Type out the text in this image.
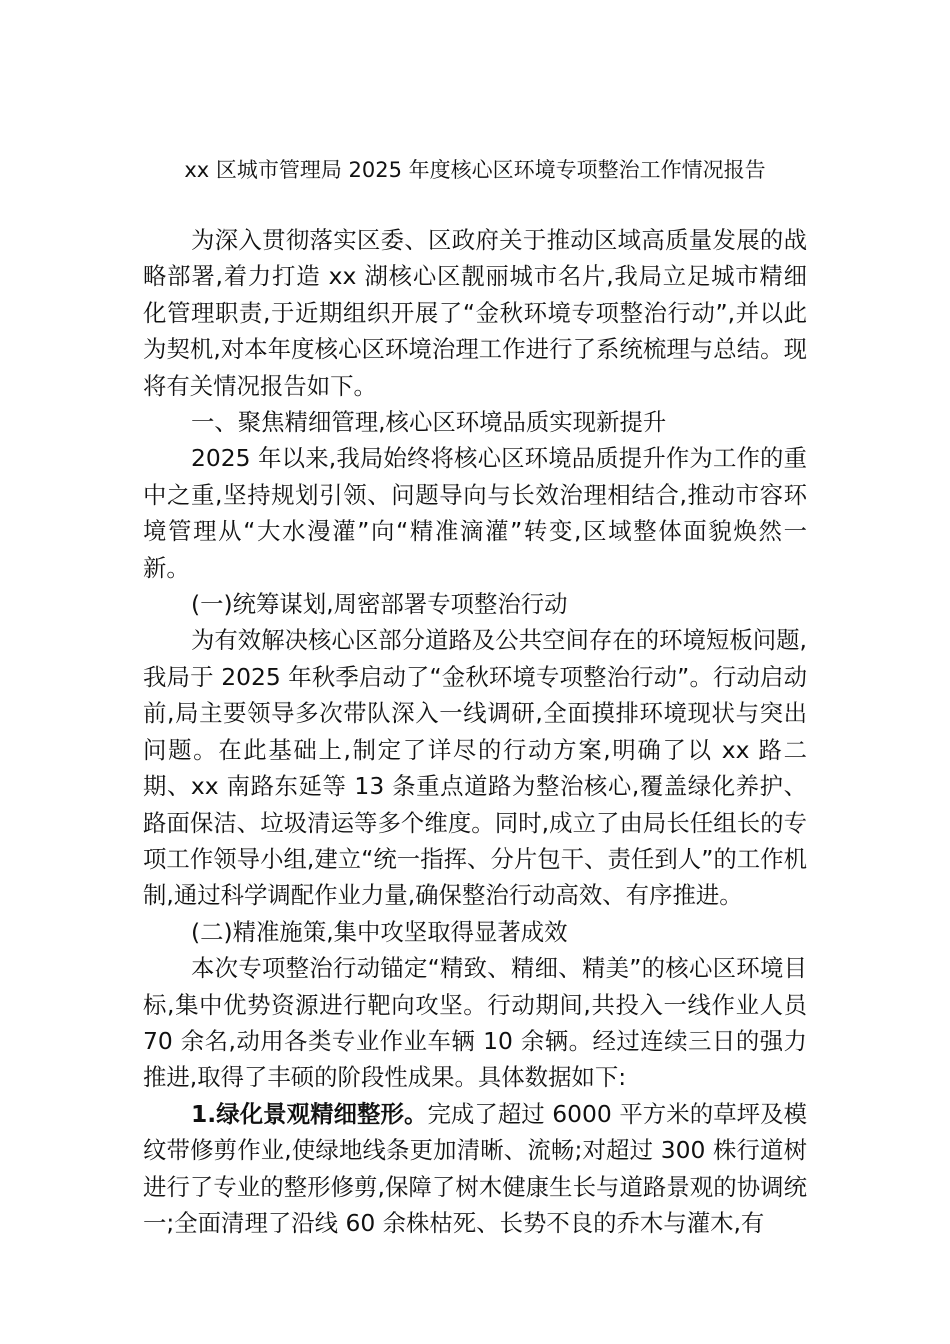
xx 区城市管理局 2025 年度核心区环境专项整治工作情况报告

为深入贯彻落实区委、区政府关于推动区域高质量发展的战略部署,着力打造 xx 湖核心区靓丽城市名片,我局立足城市精细化管理职责,于近期组织开展了“金秋环境专项整治行动”,并以此为契机,对本年度核心区环境治理工作进行了系统梳理与总结。现将有关情况报告如下。

一、聚焦精细管理,核心区环境品质实现新提升

2025 年以来,我局始终将核心区环境品质提升作为工作的重中之重,坚持规划引领、问题导向与长效治理相结合,推动市容环境管理从“大水漫灌”向“精准滴灌”转变,区域整体面貌焕然一新。

(一)统筹谋划,周密部署专项整治行动

为有效解决核心区部分道路及公共空间存在的环境短板问题,我局于 2025 年秋季启动了“金秋环境专项整治行动”。行动启动前,局主要领导多次带队深入一线调研,全面摸排环境现状与突出问题。在此基础上,制定了详尽的行动方案,明确了以 xx 路二期、xx 南路东延等 13 条重点道路为整治核心,覆盖绿化养护、路面保洁、垃圾清运等多个维度。同时,成立了由局长任组长的专项工作领导小组,建立“统一指挥、分片包干、责任到人”的工作机制,通过科学调配作业力量,确保整治行动高效、有序推进。

(二)精准施策,集中攻坚取得显著成效

本次专项整治行动锚定“精致、精细、精美”的核心区环境目标,集中优势资源进行靶向攻坚。行动期间,共投入一线作业人员 70 余名,动用各类专业作业车辆 10 余辆。经过连续三日的强力推进,取得了丰硕的阶段性成果。具体数据如下:

1.绿化景观精细整形。完成了超过 6000 平方米的草坪及模纹带修剪作业,使绿地线条更加清晰、流畅;对超过 300 株行道树进行了专业的整形修剪,保障了树木健康生长与道路景观的协调统一;全面清理了沿线 60 余株枯死、长势不良的乔木与灌木,有
